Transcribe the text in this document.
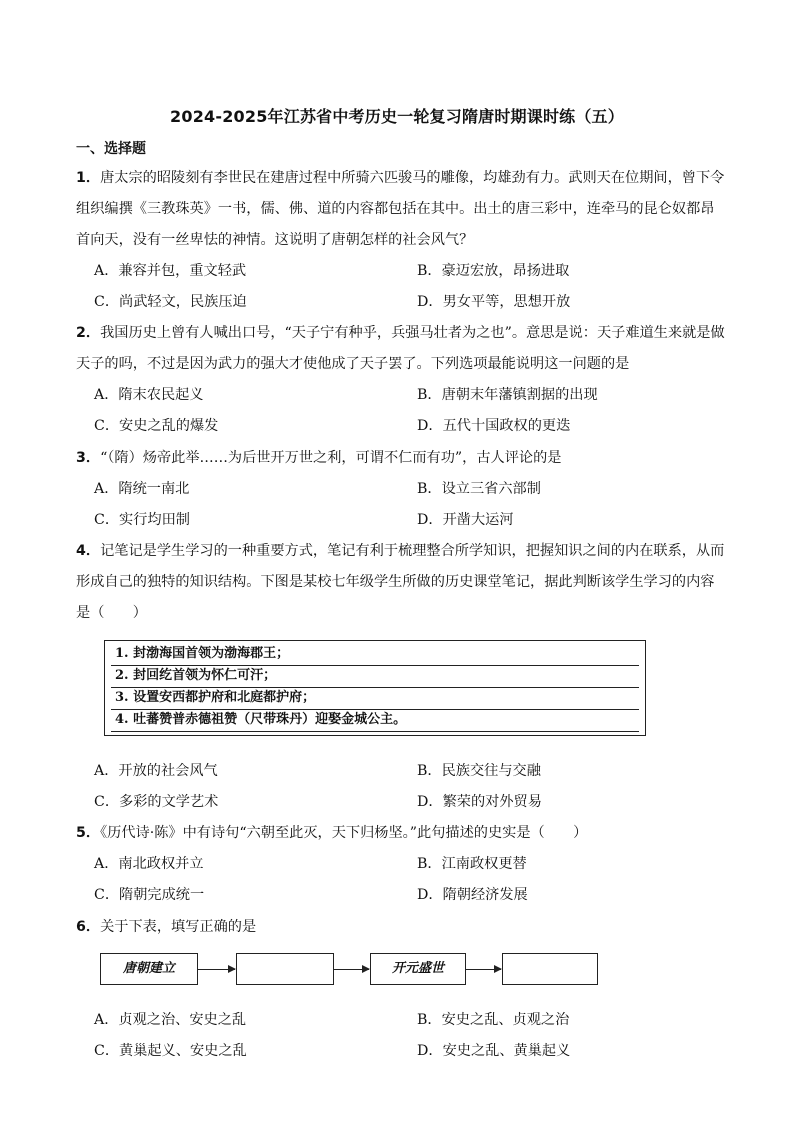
2024-2025年江苏省中考历史一轮复习隋唐时期课时练（五）
一、选择题
1．唐太宗的昭陵刻有李世民在建唐过程中所骑六匹骏马的雕像，均雄劲有力。武则天在位期间，曾下令
组织编撰《三教珠英》一书，儒、佛、道的内容都包括在其中。出土的唐三彩中，连牵马的昆仑奴都昂
首向天，没有一丝卑怯的神情。这说明了唐朝怎样的社会风气？
A．兼容并包，重文轻武	B．豪迈宏放，昂扬进取
C．尚武轻文，民族压迫	D．男女平等，思想开放
2．我国历史上曾有人喊出口号，“天子宁有种乎，兵强马壮者为之也”。意思是说：天子难道生来就是做
天子的吗，不过是因为武力的强大才使他成了天子罢了。下列选项最能说明这一问题的是
A．隋末农民起义	B．唐朝末年藩镇割据的出现
C．安史之乱的爆发	D．五代十国政权的更迭
3．“（隋）炀帝此举……为后世开万世之利，可谓不仁而有功”，古人评论的是
A．隋统一南北	B．设立三省六部制
C．实行均田制	D．开凿大运河
4．记笔记是学生学习的一种重要方式，笔记有利于梳理整合所学知识，把握知识之间的内在联系，从而
形成自己的独特的知识结构。下图是某校七年级学生所做的历史课堂笔记，据此判断该学生学习的内容
是（　　）
1. 封渤海国首领为渤海郡王；
2. 封回纥首领为怀仁可汗；
3. 设置安西都护府和北庭都护府；
4. 吐蕃赞普赤德祖赞（尺带珠丹）迎娶金城公主。
A．开放的社会风气	B．民族交往与交融
C．多彩的文学艺术	D．繁荣的对外贸易
5．《历代诗·陈》中有诗句“六朝至此灭，天下归杨坚。”此句描述的史实是（　　）
A．南北政权并立	B．江南政权更替
C．隋朝完成统一	D．隋朝经济发展
6．关于下表，填写正确的是
唐朝建立	开元盛世
A．贞观之治、安史之乱	B．安史之乱、贞观之治
C．黄巢起义、安史之乱	D．安史之乱、黄巢起义
